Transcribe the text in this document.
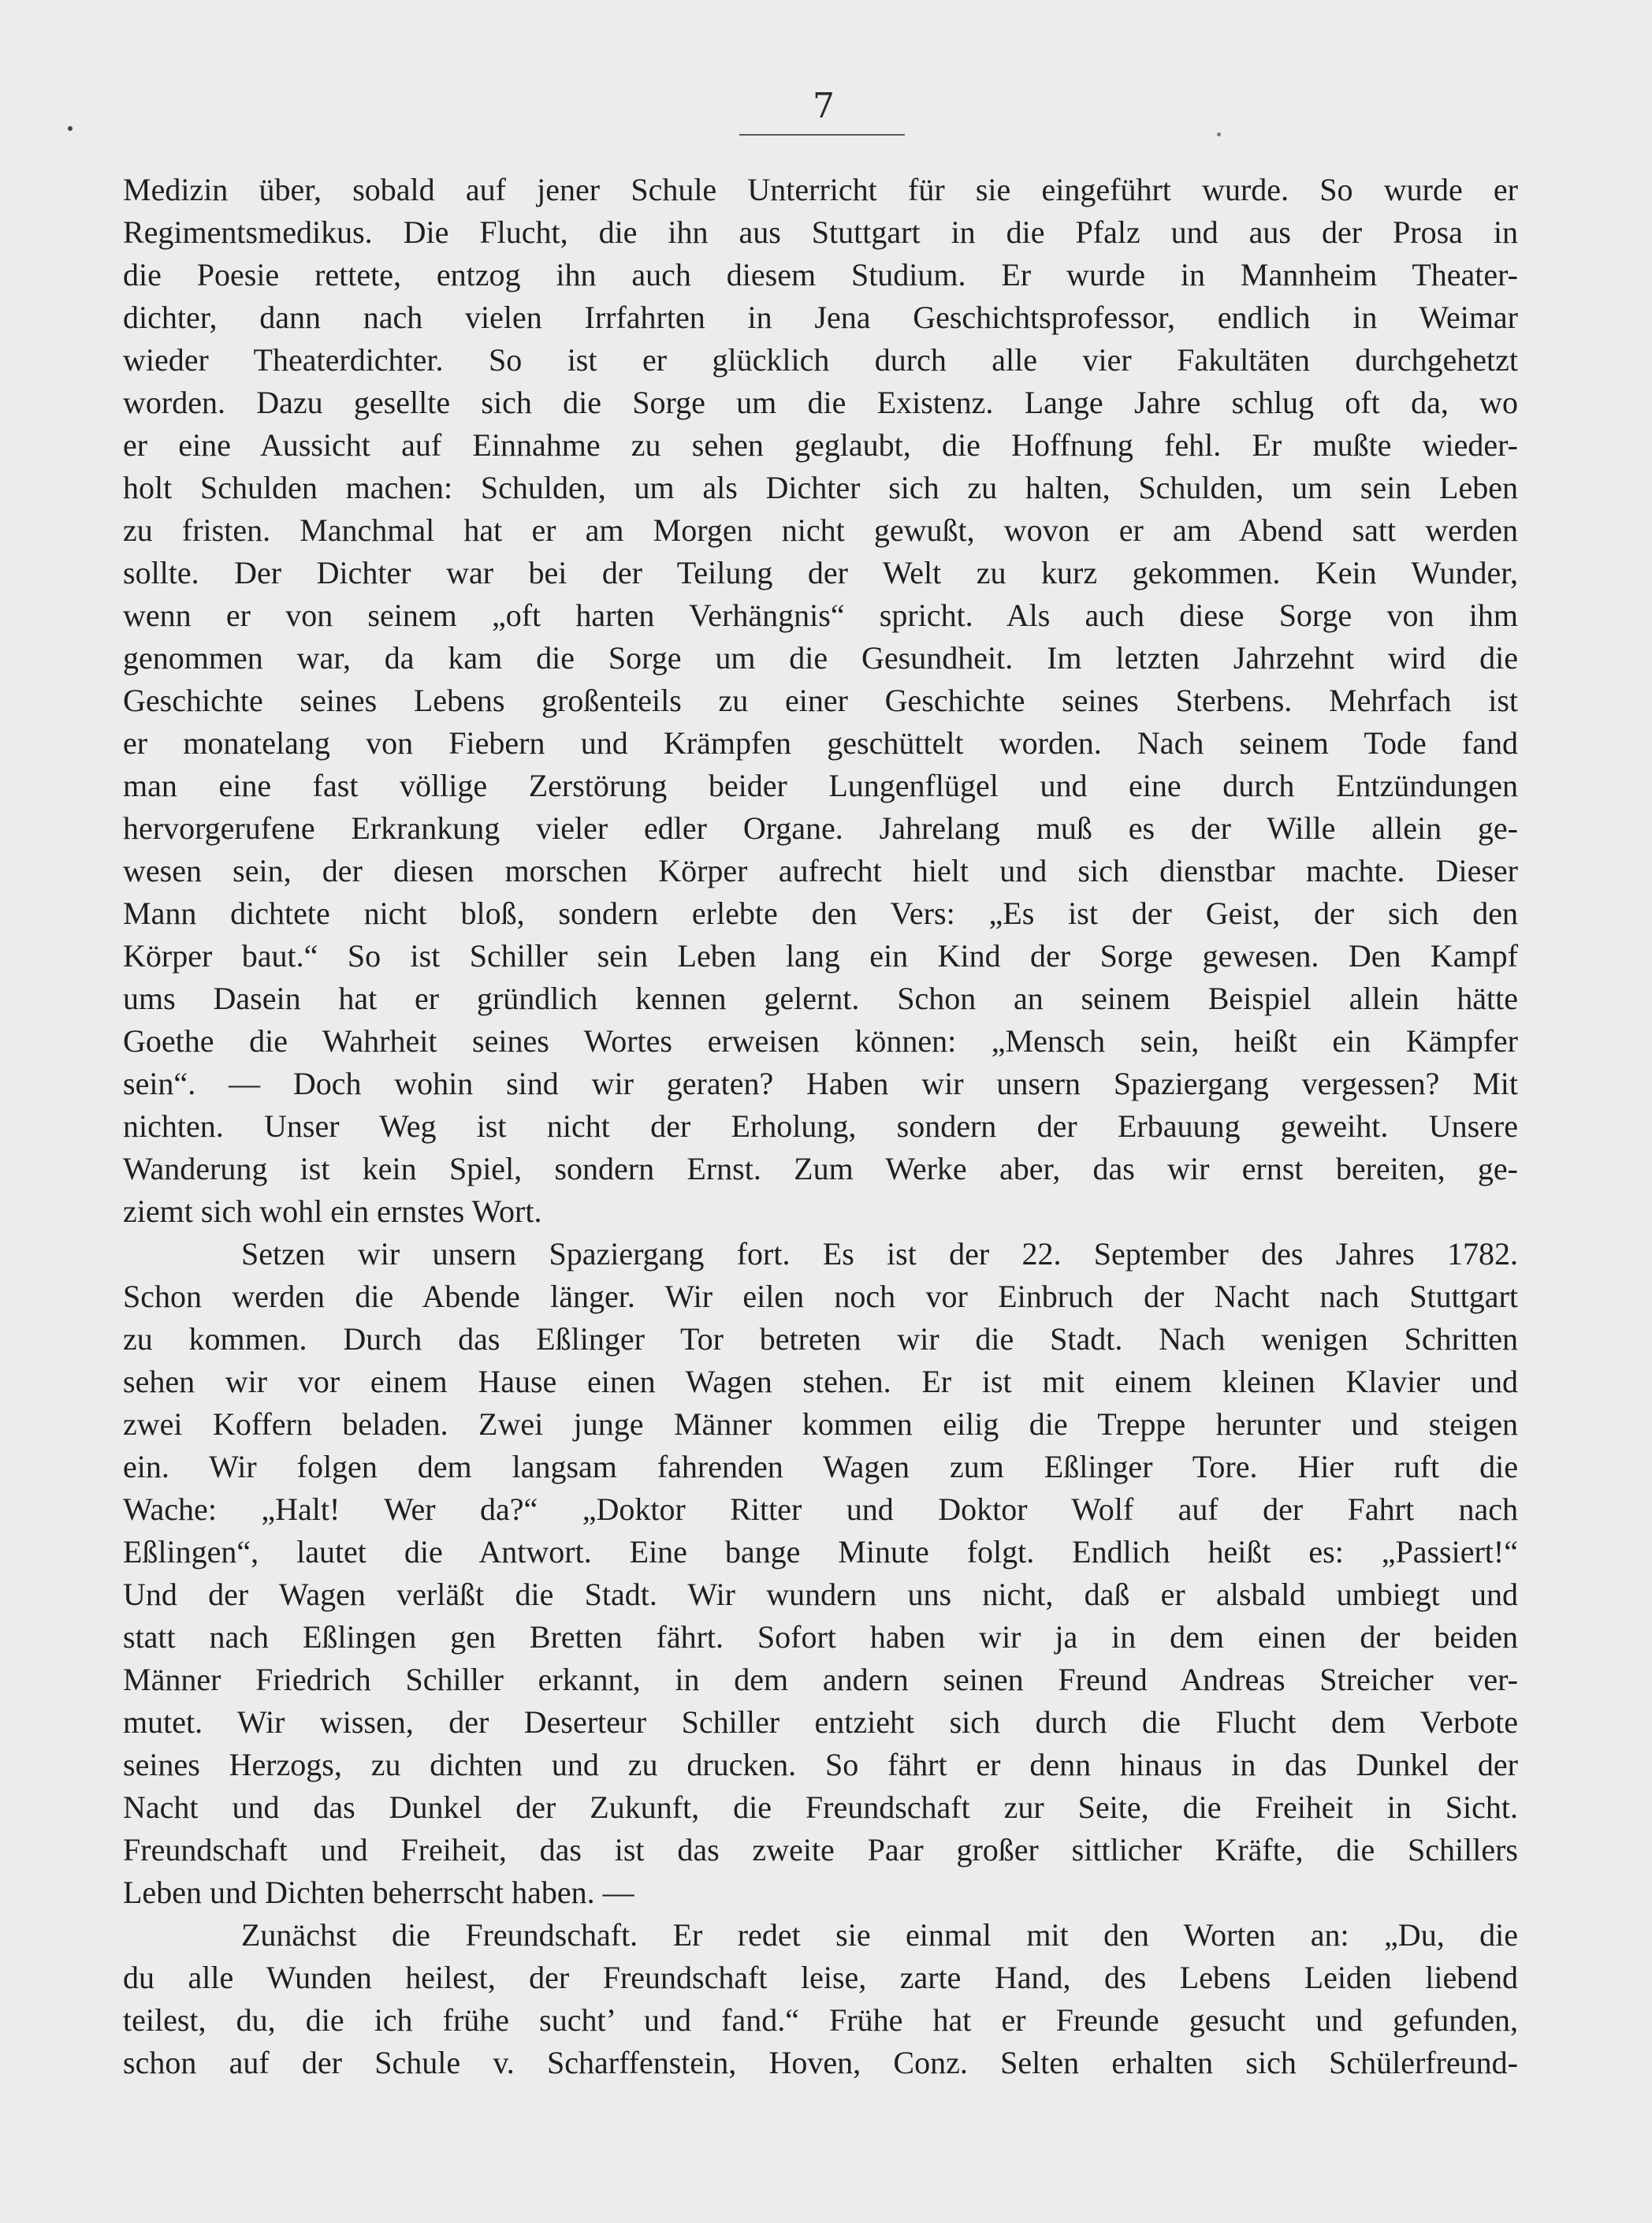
7
Medizin über, sobald auf jener Schule Unterricht für sie eingeführt wurde. So wurde er
Regimentsmedikus. Die Flucht, die ihn aus Stuttgart in die Pfalz und aus der Prosa in
die Poesie rettete, entzog ihn auch diesem Studium. Er wurde in Mannheim Theater-
dichter, dann nach vielen Irrfahrten in Jena Geschichtsprofessor, endlich in Weimar
wieder Theaterdichter. So ist er glücklich durch alle vier Fakultäten durchgehetzt
worden. Dazu gesellte sich die Sorge um die Existenz. Lange Jahre schlug oft da, wo
er eine Aussicht auf Einnahme zu sehen geglaubt, die Hoffnung fehl. Er mußte wieder-
holt Schulden machen: Schulden, um als Dichter sich zu halten, Schulden, um sein Leben
zu fristen. Manchmal hat er am Morgen nicht gewußt, wovon er am Abend satt werden
sollte. Der Dichter war bei der Teilung der Welt zu kurz gekommen. Kein Wunder,
wenn er von seinem „oft harten Verhängnis“ spricht. Als auch diese Sorge von ihm
genommen war, da kam die Sorge um die Gesundheit. Im letzten Jahrzehnt wird die
Geschichte seines Lebens großenteils zu einer Geschichte seines Sterbens. Mehrfach ist
er monatelang von Fiebern und Krämpfen geschüttelt worden. Nach seinem Tode fand
man eine fast völlige Zerstörung beider Lungenflügel und eine durch Entzündungen
hervorgerufene Erkrankung vieler edler Organe. Jahrelang muß es der Wille allein ge-
wesen sein, der diesen morschen Körper aufrecht hielt und sich dienstbar machte. Dieser
Mann dichtete nicht bloß, sondern erlebte den Vers: „Es ist der Geist, der sich den
Körper baut.“ So ist Schiller sein Leben lang ein Kind der Sorge gewesen. Den Kampf
ums Dasein hat er gründlich kennen gelernt. Schon an seinem Beispiel allein hätte
Goethe die Wahrheit seines Wortes erweisen können: „Mensch sein, heißt ein Kämpfer
sein“. — Doch wohin sind wir geraten? Haben wir unsern Spaziergang vergessen? Mit
nichten. Unser Weg ist nicht der Erholung, sondern der Erbauung geweiht. Unsere
Wanderung ist kein Spiel, sondern Ernst. Zum Werke aber, das wir ernst bereiten, ge-
ziemt sich wohl ein ernstes Wort.
Setzen wir unsern Spaziergang fort. Es ist der 22. September des Jahres 1782.
Schon werden die Abende länger. Wir eilen noch vor Einbruch der Nacht nach Stuttgart
zu kommen. Durch das Eßlinger Tor betreten wir die Stadt. Nach wenigen Schritten
sehen wir vor einem Hause einen Wagen stehen. Er ist mit einem kleinen Klavier und
zwei Koffern beladen. Zwei junge Männer kommen eilig die Treppe herunter und steigen
ein. Wir folgen dem langsam fahrenden Wagen zum Eßlinger Tore. Hier ruft die
Wache: „Halt! Wer da?“ „Doktor Ritter und Doktor Wolf auf der Fahrt nach
Eßlingen“, lautet die Antwort. Eine bange Minute folgt. Endlich heißt es: „Passiert!“
Und der Wagen verläßt die Stadt. Wir wundern uns nicht, daß er alsbald umbiegt und
statt nach Eßlingen gen Bretten fährt. Sofort haben wir ja in dem einen der beiden
Männer Friedrich Schiller erkannt, in dem andern seinen Freund Andreas Streicher ver-
mutet. Wir wissen, der Deserteur Schiller entzieht sich durch die Flucht dem Verbote
seines Herzogs, zu dichten und zu drucken. So fährt er denn hinaus in das Dunkel der
Nacht und das Dunkel der Zukunft, die Freundschaft zur Seite, die Freiheit in Sicht.
Freundschaft und Freiheit, das ist das zweite Paar großer sittlicher Kräfte, die Schillers
Leben und Dichten beherrscht haben. —
Zunächst die Freundschaft. Er redet sie einmal mit den Worten an: „Du, die
du alle Wunden heilest, der Freundschaft leise, zarte Hand, des Lebens Leiden liebend
teilest, du, die ich frühe sucht’ und fand.“ Frühe hat er Freunde gesucht und gefunden,
schon auf der Schule v. Scharffenstein, Hoven, Conz. Selten erhalten sich Schülerfreund-
